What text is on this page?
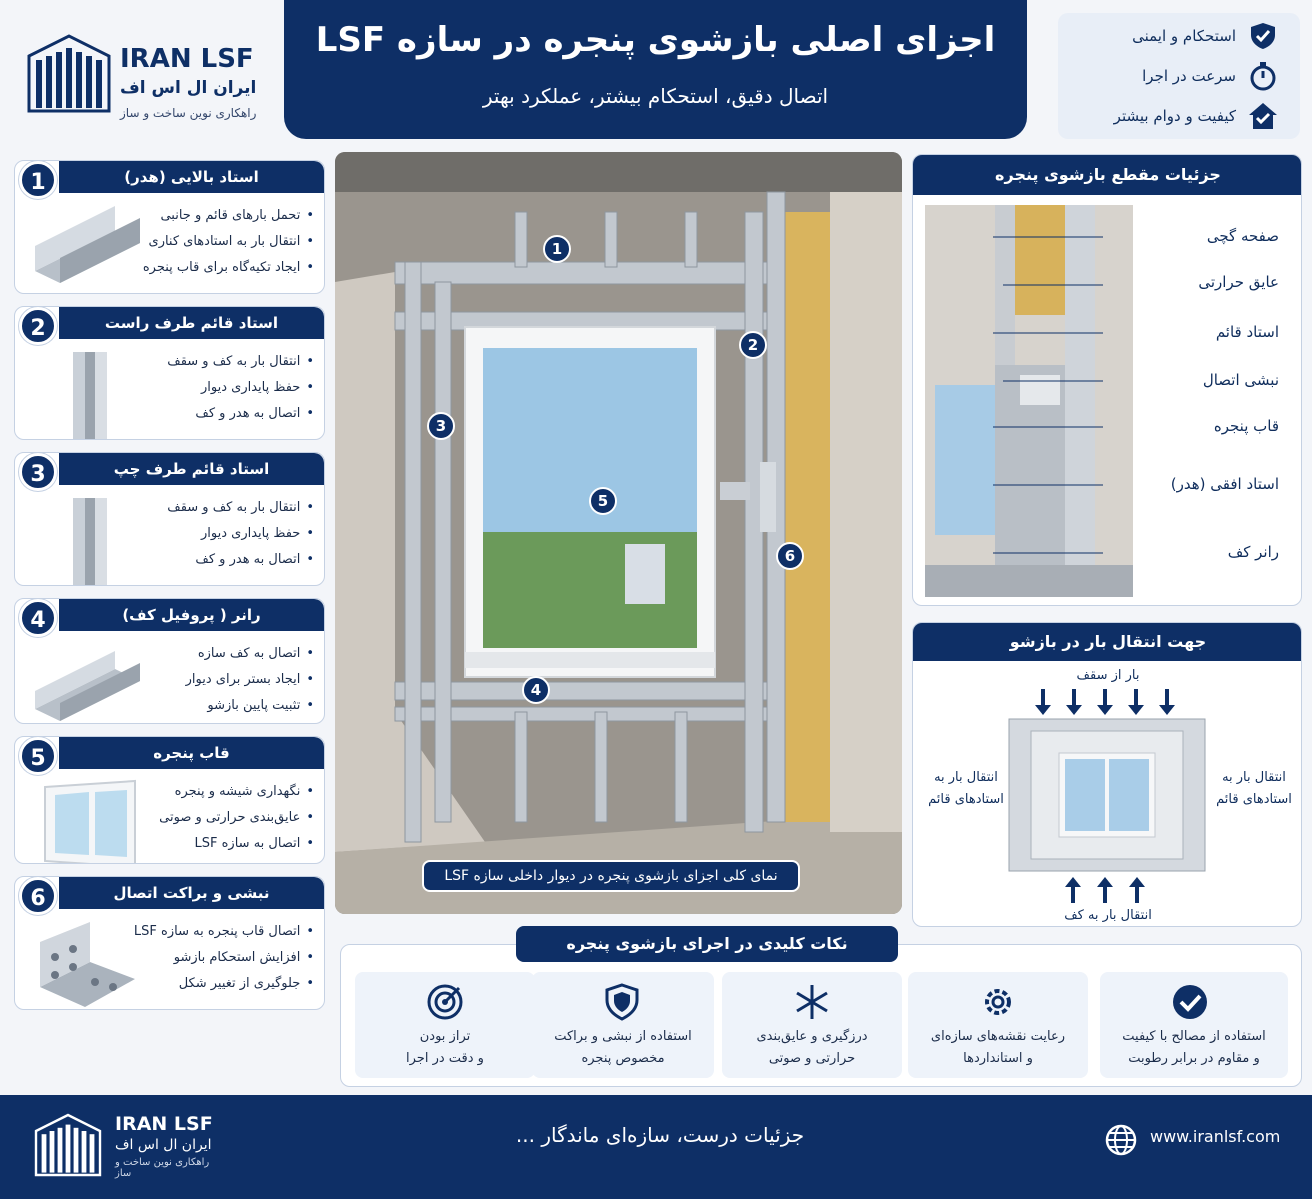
IRAN LSF
ایران ال اس اف
راهکاری نوین ساخت و ساز
اجزای اصلی بازشوی پنجره در سازه LSF
اتصال دقیق، استحکام بیشتر، عملکرد بهتر
استحکام و ایمنی
سرعت در اجرا
کیفیت و دوام بیشتر
استاد بالایی (هدر)
1
• تحمل بارهای قائم و جانبی
• انتقال بار به استادهای کناری
• ایجاد تکیه‌گاه برای قاب پنجره
استاد قائم طرف راست
2
• انتقال بار به کف و سقف
• حفظ پایداری دیوار
• اتصال به هدر و کف
استاد قائم طرف چپ
3
• انتقال بار به کف و سقف
• حفظ پایداری دیوار
• اتصال به هدر و کف
رانر ( پروفیل کف)
4
• اتصال به کف سازه
• ایجاد بستر برای دیوار
• تثبیت پایین بازشو
قاب پنجره
5
• نگهداری شیشه و پنجره
• عایق‌بندی حرارتی و صوتی
• اتصال به سازه LSF
نبشی و براکت اتصال
6
• اتصال قاب پنجره به سازه LSF
• افزایش استحکام بازشو
• جلوگیری از تغییر شکل
1
2
3
4
5
6
نمای کلی اجزای بازشوی پنجره در دیوار داخلی سازه LSF
جزئیات مقطع بازشوی پنجره
صفحه گچی
عایق حرارتی
استاد قائم
نبشی اتصال
قاب پنجره
استاد افقی (هدر)
رانر کف
جهت انتقال بار در بازشو
بار از سقف
انتقال بار به
استادهای قائم
انتقال بار به
استادهای قائم
انتقال بار به کف
نکات کلیدی در اجرای بازشوی پنجره
تراز بودن
و دقت در اجرا
استفاده از نبشی و براکت
مخصوص پنجره
درزگیری و عایق‌بندی
حرارتی و صوتی
رعایت نقشه‌های سازه‌ای
و استانداردها
استفاده از مصالح با کیفیت
و مقاوم در برابر رطوبت
IRAN LSF
ایران ال اس اف
راهکاری نوین ساخت و ساز
جزئیات درست، سازه‌ای ماندگار ...	www.iranlsf.com
